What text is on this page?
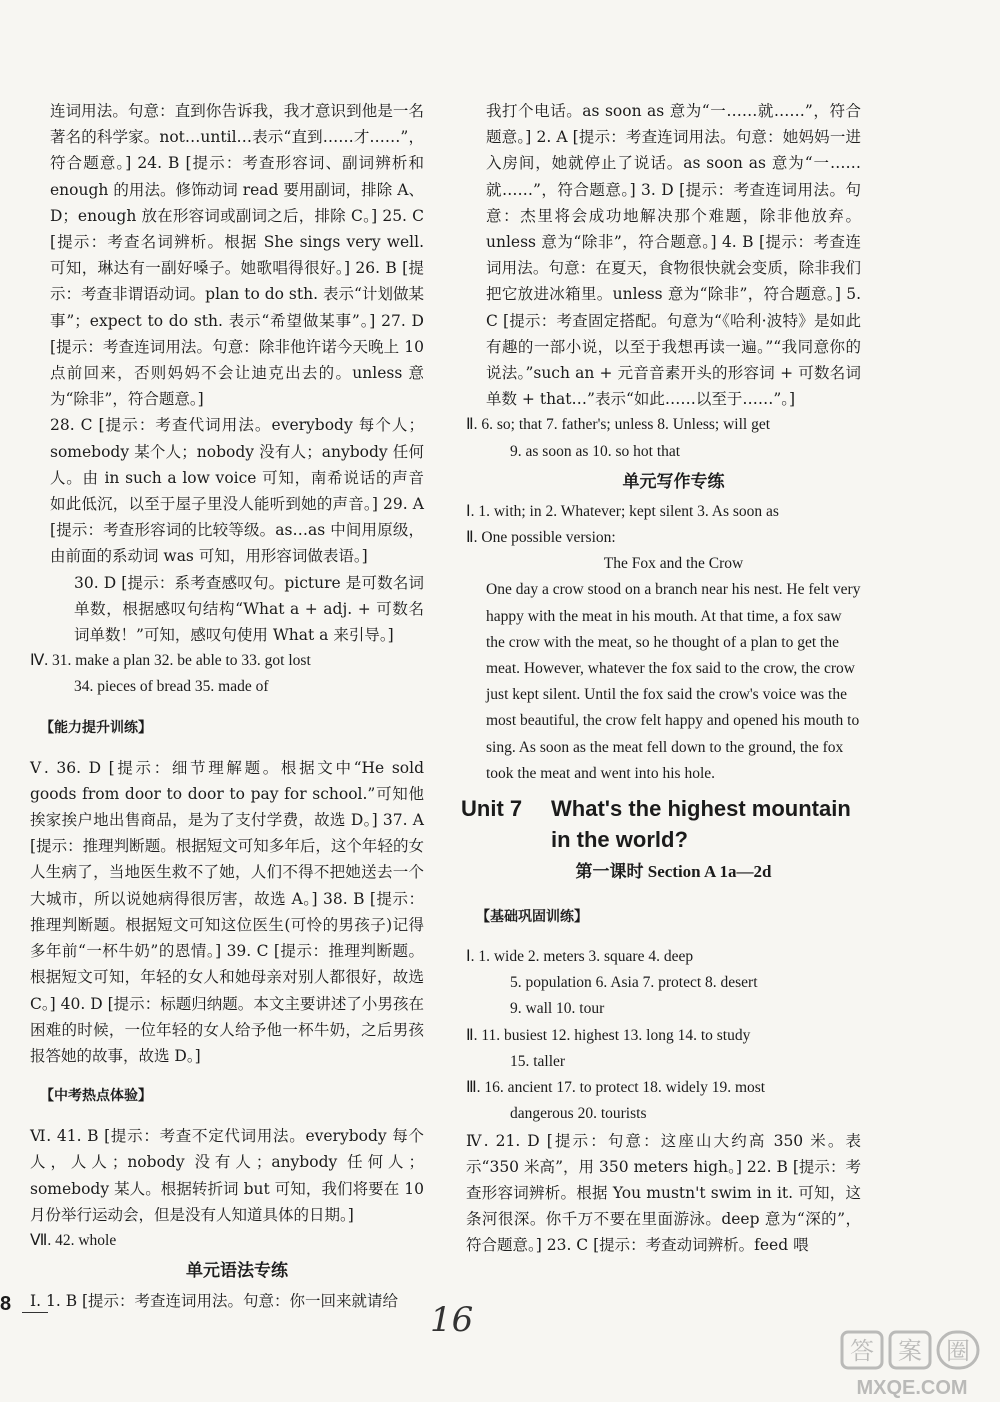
连词用法。句意：直到你告诉我，我才意识到他是一名著名的科学家。not…until…表示“直到……才……”，符合题意。] 24. B [提示：考查形容词、副词辨析和 enough 的用法。修饰动词 read 要用副词，排除 A、D；enough 放在形容词或副词之后，排除 C。] 25. C [提示：考查名词辨析。根据 She sings very well. 可知，琳达有一副好嗓子。她歌唱得很好。] 26. B [提示：考查非谓语动词。plan to do sth. 表示“计划做某事”；expect to do sth. 表示“希望做某事”。] 27. D [提示：考查连词用法。句意：除非他许诺今天晚上 10 点前回来，否则妈妈不会让迪克出去的。unless 意为“除非”，符合题意。]

28. C [提示：考查代词用法。everybody 每个人；somebody 某个人；nobody 没有人；anybody 任何人。由 in such a low voice 可知，南希说话的声音如此低沉，以至于屋子里没人能听到她的声音。] 29. A [提示：考查形容词的比较等级。as…as 中间用原级，由前面的系动词 was 可知，用形容词做表语。]

30. D [提示：系考查感叹句。picture 是可数名词单数，根据感叹句结构“What a + adj. + 可数名词单数！”可知，感叹句使用 What a 来引导。]

Ⅳ. 31. make a plan 32. be able to 33. got lost

34. pieces of bread 35. made of

【能力提升训练】

Ⅴ. 36. D [提示：细节理解题。根据文中“He sold goods from door to door to pay for school.”可知他挨家挨户地出售商品，是为了支付学费，故选 D。] 37. A [提示：推理判断题。根据短文可知多年后，这个年轻的女人生病了，当地医生救不了她，人们不得不把她送去一个大城市，所以说她病得很厉害，故选 A。] 38. B [提示：推理判断题。根据短文可知这位医生(可怜的男孩子)记得多年前“一杯牛奶”的恩情。] 39. C [提示：推理判断题。根据短文可知，年轻的女人和她母亲对别人都很好，故选 C。] 40. D [提示：标题归纳题。本文主要讲述了小男孩在困难的时候，一位年轻的女人给予他一杯牛奶，之后男孩报答她的故事，故选 D。]

【中考热点体验】

Ⅵ. 41. B [提示：考查不定代词用法。everybody 每个人，人人；nobody 没有人；anybody 任何人；somebody 某人。根据转折词 but 可知，我们将要在 10 月份举行运动会，但是没有人知道具体的日期。]

Ⅶ. 42. whole

单元语法专练

Ⅰ. 1. B [提示：考查连词用法。句意：你一回来就请给

我打个电话。as soon as 意为“一……就……”，符合题意。] 2. A [提示：考查连词用法。句意：她妈妈一进入房间，她就停止了说话。as soon as 意为“一……就……”，符合题意。] 3. D [提示：考查连词用法。句意：杰里将会成功地解决那个难题，除非他放弃。unless 意为“除非”，符合题意。] 4. B [提示：考查连词用法。句意：在夏天，食物很快就会变质，除非我们把它放进冰箱里。unless 意为“除非”，符合题意。] 5. C [提示：考查固定搭配。句意为“《哈利·波特》是如此有趣的一部小说，以至于我想再读一遍。”“我同意你的说法。”such an + 元音音素开头的形容词 + 可数名词单数 + that…”表示“如此……以至于……”。]

Ⅱ. 6. so; that 7. father's; unless 8. Unless; will get

9. as soon as 10. so hot that

单元写作专练

Ⅰ. 1. with; in 2. Whatever; kept silent 3. As soon as

Ⅱ. One possible version:

The Fox and the Crow

One day a crow stood on a branch near his nest. He felt very happy with the meat in his mouth. At that time, a fox saw the crow with the meat, so he thought of a plan to get the meat. However, whatever the fox said to the crow, the crow just kept silent. Until the fox said the crow's voice was the most beautiful, the crow felt happy and opened his mouth to sing. As soon as the meat fell down to the ground, the fox took the meat and went into his hole.

Unit 7 What's the highest mountain
in the world?

第一课时 Section A 1a—2d

【基础巩固训练】

Ⅰ. 1. wide 2. meters 3. square 4. deep

5. population 6. Asia 7. protect 8. desert

9. wall 10. tour

Ⅱ. 11. busiest 12. highest 13. long 14. to study

15. taller

Ⅲ. 16. ancient 17. to protect 18. widely 19. most

dangerous 20. tourists

Ⅳ. 21. D [提示：句意：这座山大约高 350 米。表示“350 米高”，用 350 meters high。] 22. B [提示：考查形容词辨析。根据 You mustn't swim in it. 可知，这条河很深。你千万不要在里面游泳。deep 意为“深的”，符合题意。] 23. C [提示：考查动词辨析。feed 喂

8	16
答 案 圈
MXQE.COM
